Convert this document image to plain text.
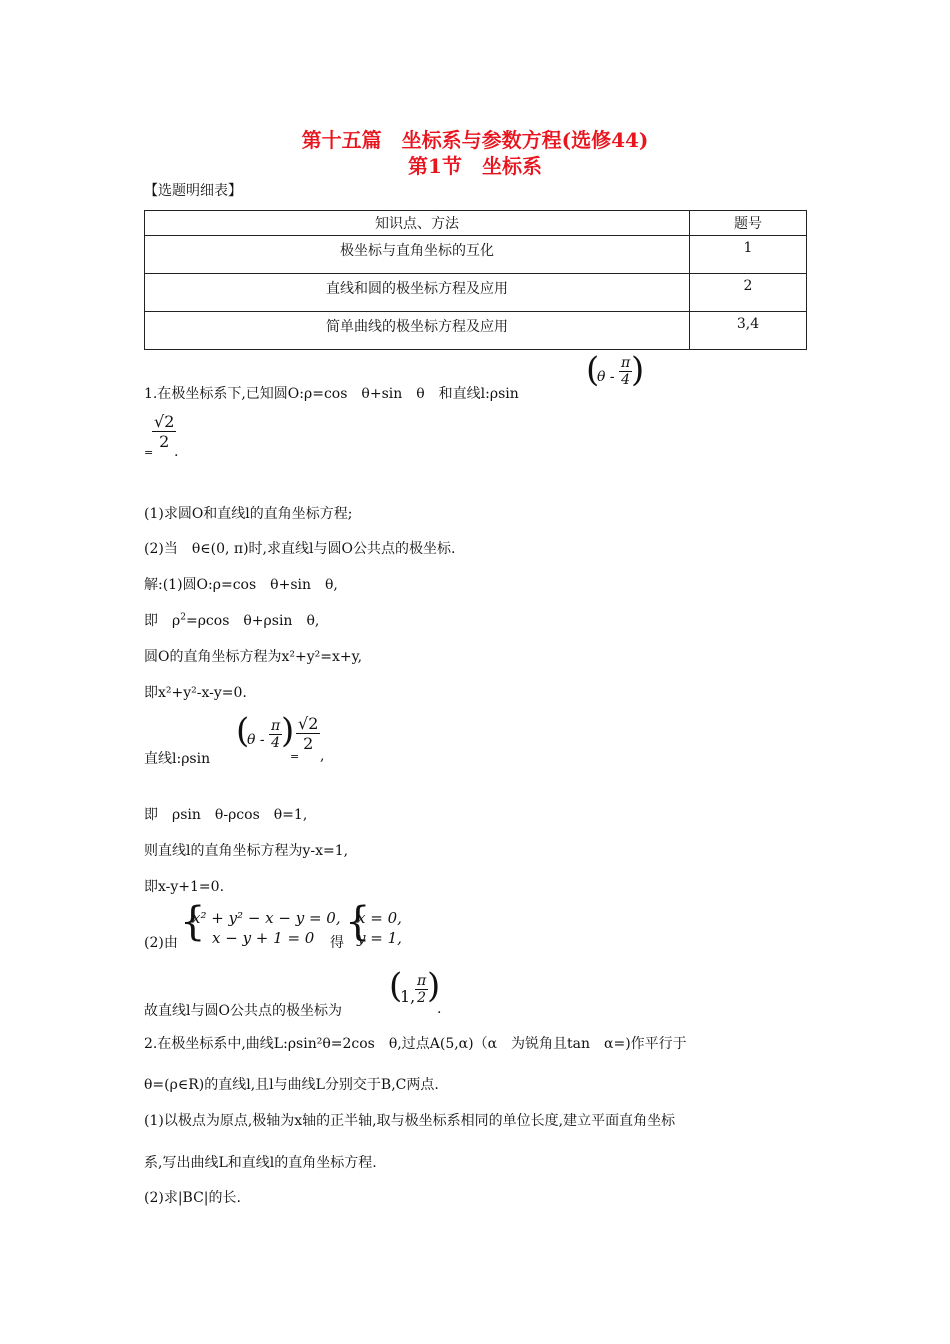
第十五篇　坐标系与参数方程(选修44)
第1节　坐标系
【选题明细表】
知识点、方法	题号
极坐标与直角坐标的互化	1
直线和圆的极坐标方程及应用	2
简单曲线的极坐标方程及应用	3,4
1.在极坐标系下,已知圆O:ρ=cos　θ+sin　θ　和直线l:ρsin
(
θ -
π
4 )
√2
2
= .
(1)求圆O和直线l的直角坐标方程;
(2)当　θ∈(0, π)时,求直线l与圆O公共点的极坐标.
解:(1)圆O:ρ=cos　θ+sin　θ,
即　$\rho^2=\rho\cos$　θ+ρsin　θ,
圆O的直角坐标方程为x²+y²=x+y,
即x²+y²-x-y=0.
直线l:ρsin
(
θ -
π
4 )
=
√2
2
,
即　ρsin　θ-ρcos　θ=1,
则直线l的直角坐标方程为y-x=1,
即x-y+1=0.
(2)由 {
x² + y² − x − y = 0,
x − y + 1 = 0 得 {
x = 0,
y = 1,
故直线l与圆O公共点的极坐标为
(
1,
π
2 )
.
2.在极坐标系中,曲线L:ρsin²θ=2cos　θ,过点A(5,α)（α　为锐角且tan　α=)作平行于
θ=(ρ∈R)的直线l,且l与曲线L分别交于B,C两点.
(1)以极点为原点,极轴为x轴的正半轴,取与极坐标系相同的单位长度,建立平面直角坐标
系,写出曲线L和直线l的直角坐标方程.
(2)求|BC|的长.
